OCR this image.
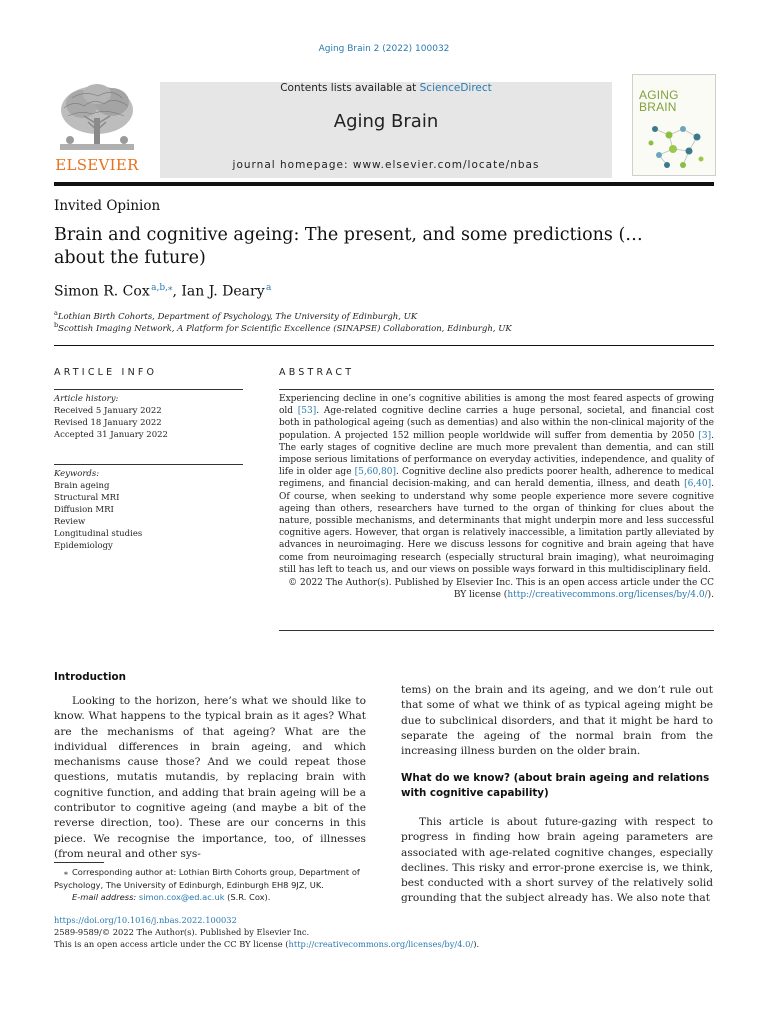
Aging Brain 2 (2022) 100032
ELSEVIER
Contents lists available at ScienceDirect
Aging Brain
journal homepage: www.elsevier.com/locate/nbas
AGING
BRAIN
Invited Opinion
Brain and cognitive ageing: The present, and some predictions (…about the future)
Simon R. Cox $^{a,b,⁎}$, Ian J. Deary $^a$
$^a$Lothian Birth Cohorts, Department of Psychology, The University of Edinburgh, UK
$^b$Scottish Imaging Network, A Platform for Scientific Excellence (SINAPSE) Collaboration, Edinburgh, UK
ARTICLE INFO
Article history:
Received 5 January 2022
Revised 18 January 2022
Accepted 31 January 2022
Keywords:
Brain ageing
Structural MRI
Diffusion MRI
Review
Longitudinal studies
Epidemiology
ABSTRACT

Experiencing decline in one’s cognitive abilities is among the most feared aspects of growing old [53]. Age-related cognitive decline carries a huge personal, societal, and financial cost both in pathological ageing (such as dementias) and also within the non-clinical majority of the population. A projected 152 million people worldwide will suffer from dementia by 2050 [3]. The early stages of cognitive decline are much more prevalent than dementia, and can still impose serious limitations of performance on everyday activities, independence, and quality of life in older age [5,60,80]. Cognitive decline also predicts poorer health, adherence to medical regimens, and financial decision-making, and can herald dementia, illness, and death [6,40]. Of course, when seeking to understand why some people experience more severe cognitive ageing than others, researchers have turned to the organ of thinking for clues about the nature, possible mechanisms, and determinants that might underpin more and less successful cognitive agers. However, that organ is relatively inaccessible, a limitation partly alleviated by advances in neuroimaging. Here we discuss lessons for cognitive and brain ageing that have come from neuroimaging research (especially structural brain imaging), what neuroimaging still has left to teach us, and our views on possible ways forward in this multidisciplinary field.

© 2022 The Author(s). Published by Elsevier Inc. This is an open access article under the CC BY license (http://creativecommons.org/licenses/by/4.0/).

Introduction

Looking to the horizon, here’s what we should like to know. What happens to the typical brain as it ages? What are the mechanisms of that ageing? What are the individual differences in brain ageing, and which mechanisms cause those? And we could repeat those questions, mutatis mutandis, by replacing brain with cognitive function, and adding that brain ageing will be a contributor to cognitive ageing (and maybe a bit of the reverse direction, too). These are our concerns in this piece. We recognise the importance, too, of illnesses (from neural and other sys-

tems) on the brain and its ageing, and we don’t rule out that some of what we think of as typical ageing might be due to subclinical disorders, and that it might be hard to separate the ageing of the normal brain from the increasing illness burden on the older brain.

What do we know? (about brain ageing and relations with cognitive capability)

This article is about future-gazing with respect to progress in finding how brain ageing parameters are associated with age-related cognitive changes, especially declines. This risky and error-prone exercise is, we think, best conducted with a short survey of the relatively solid grounding that the subject already has. We also note that

⁎ Corresponding author at: Lothian Birth Cohorts group, Department of Psychology, The University of Edinburgh, Edinburgh EH8 9JZ, UK.
E-mail address: simon.cox@ed.ac.uk (S.R. Cox).
https://doi.org/10.1016/j.nbas.2022.100032
2589-9589/© 2022 The Author(s). Published by Elsevier Inc.
This is an open access article under the CC BY license (http://creativecommons.org/licenses/by/4.0/).
